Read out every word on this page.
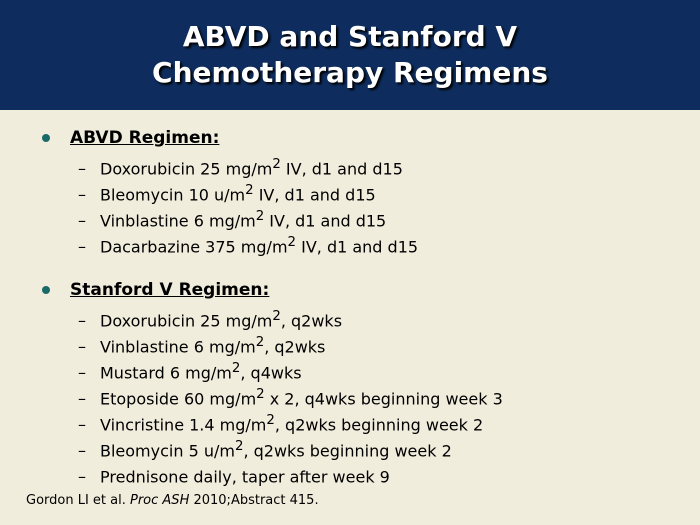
ABVD and Stanford V
Chemotherapy Regimens
ABVD Regimen:
– Doxorubicin 25 $mg/m^2$ IV, d1 and d15
– Bleomycin 10 $u/m^2$ IV, d1 and d15
– Vinblastine 6 $mg/m^2$ IV, d1 and d15
– Dacarbazine 375 $mg/m^2$ IV, d1 and d15
Stanford V Regimen:
– Doxorubicin 25 $mg/m^2$, q2wks
– Vinblastine 6 $mg/m^2$, q2wks
– Mustard 6 $mg/m^2$, q4wks
– Etoposide 60 $mg/m^2$ x 2, q4wks beginning week 3
– Vincristine 1.4 $mg/m^2$, q2wks beginning week 2
– Bleomycin 5 $u/m^2$, q2wks beginning week 2
– Prednisone daily, taper after week 9
Gordon LI et al. Proc ASH 2010;Abstract 415.
